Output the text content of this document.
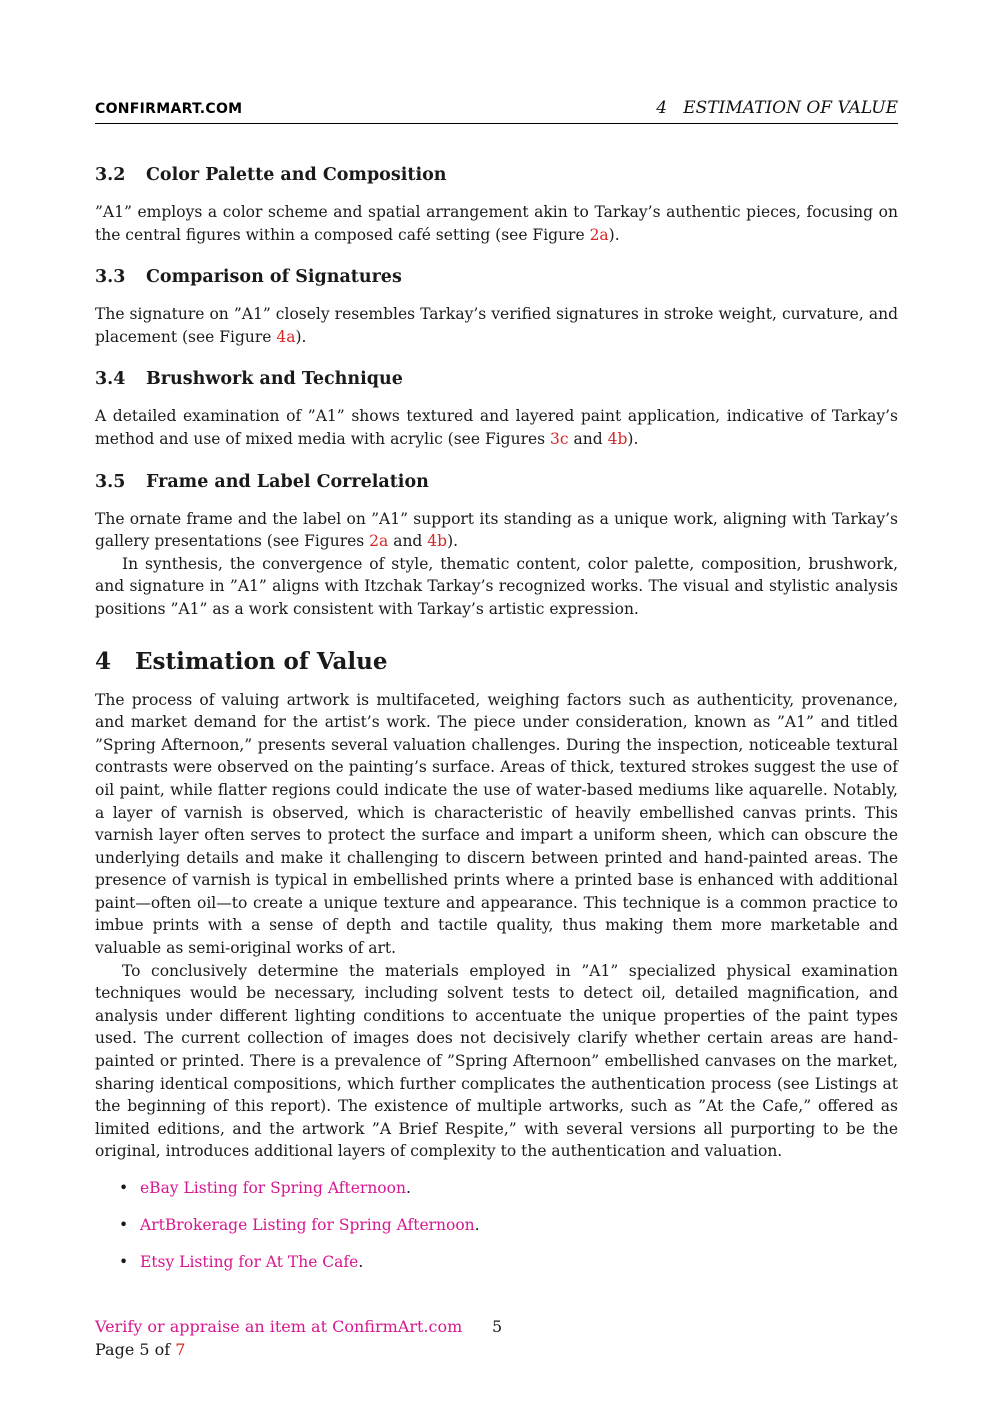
CONFIRMART.COM	4   ESTIMATION OF VALUE
3.2 Color Palette and Composition

”A1” employs a color scheme and spatial arrangement akin to Tarkay’s authentic pieces, focusing on the central figures within a composed café setting (see Figure 2a).

3.3 Comparison of Signatures

The signature on ”A1” closely resembles Tarkay’s verified signatures in stroke weight, curvature, and placement (see Figure 4a).

3.4 Brushwork and Technique

A detailed examination of ”A1” shows textured and layered paint application, indicative of Tarkay’s method and use of mixed media with acrylic (see Figures 3c and 4b).

3.5 Frame and Label Correlation

The ornate frame and the label on ”A1” support its standing as a unique work, aligning with Tarkay’s gallery presentations (see Figures 2a and 4b).

In synthesis, the convergence of style, thematic content, color palette, composition, brushwork, and signature in ”A1” aligns with Itzchak Tarkay’s recognized works. The visual and stylistic analysis positions ”A1” as a work consistent with Tarkay’s artistic expression.

4 Estimation of Value

The process of valuing artwork is multifaceted, weighing factors such as authenticity, provenance, and market demand for the artist’s work. The piece under consideration, known as ”A1” and titled ”Spring Afternoon,” presents several valuation challenges. During the inspection, noticeable textural contrasts were observed on the painting’s surface. Areas of thick, textured strokes suggest the use of oil paint, while flatter regions could indicate the use of water-based mediums like aquarelle. Notably, a layer of varnish is observed, which is characteristic of heavily embellished canvas prints. This varnish layer often serves to protect the surface and impart a uniform sheen, which can obscure the underlying details and make it challenging to discern between printed and hand-painted areas. The presence of varnish is typical in embellished prints where a printed base is enhanced with additional paint—often oil—to create a unique texture and appearance. This technique is a common practice to imbue prints with a sense of depth and tactile quality, thus making them more marketable and valuable as semi-original works of art.

To conclusively determine the materials employed in ”A1” specialized physical examination techniques would be necessary, including solvent tests to detect oil, detailed magnification, and analysis under different lighting conditions to accentuate the unique properties of the paint types used. The current collection of images does not decisively clarify whether certain areas are hand-painted or printed. There is a prevalence of ”Spring Afternoon” embellished canvases on the market, sharing identical compositions, which further complicates the authentication process (see Listings at the beginning of this report). The existence of multiple artworks, such as ”At the Cafe,” offered as limited editions, and the artwork ”A Brief Respite,” with several versions all purporting to be the original, introduces additional layers of complexity to the authentication and valuation.

• eBay Listing for Spring Afternoon.
• ArtBrokerage Listing for Spring Afternoon.
• Etsy Listing for At The Cafe.
Verify or appraise an item at ConfirmArt.com 5
Page 5 of 7
